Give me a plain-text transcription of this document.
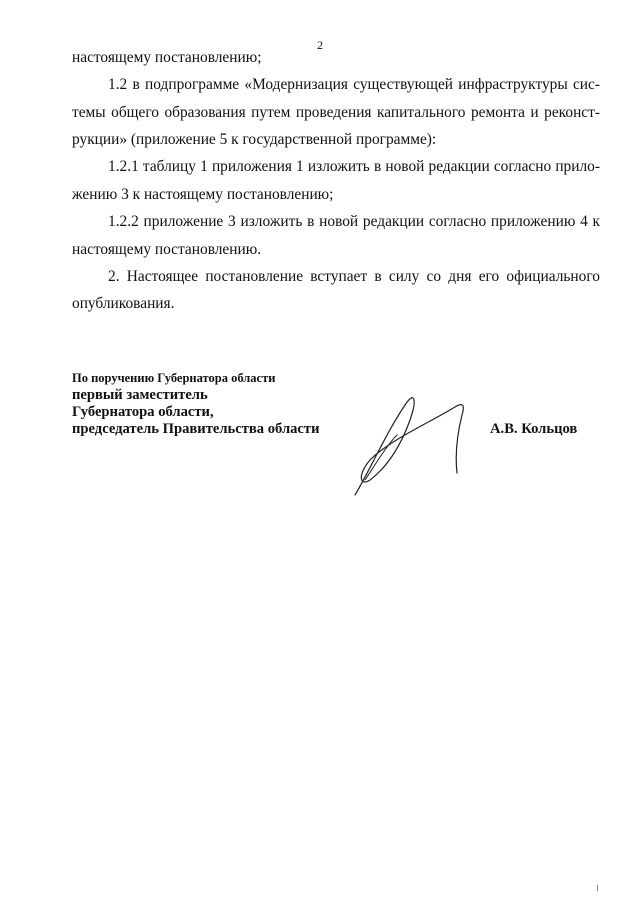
2
настоящему постановлению;
1.2 в подпрограмме «Модернизация существующей инфраструктуры сис-
темы общего образования путем проведения капитального ремонта и реконст-
рукции» (приложение 5 к государственной программе):
1.2.1 таблицу 1 приложения 1 изложить в новой редакции согласно прило-
жению 3 к настоящему постановлению;
1.2.2 приложение 3 изложить в новой редакции согласно приложению 4 к
настоящему постановлению.
2. Настоящее постановление вступает в силу со дня его официального
опубликования.
По поручению Губернатора области
первый заместитель
Губернатора области,
председатель Правительства области	А.В. Кольцов
